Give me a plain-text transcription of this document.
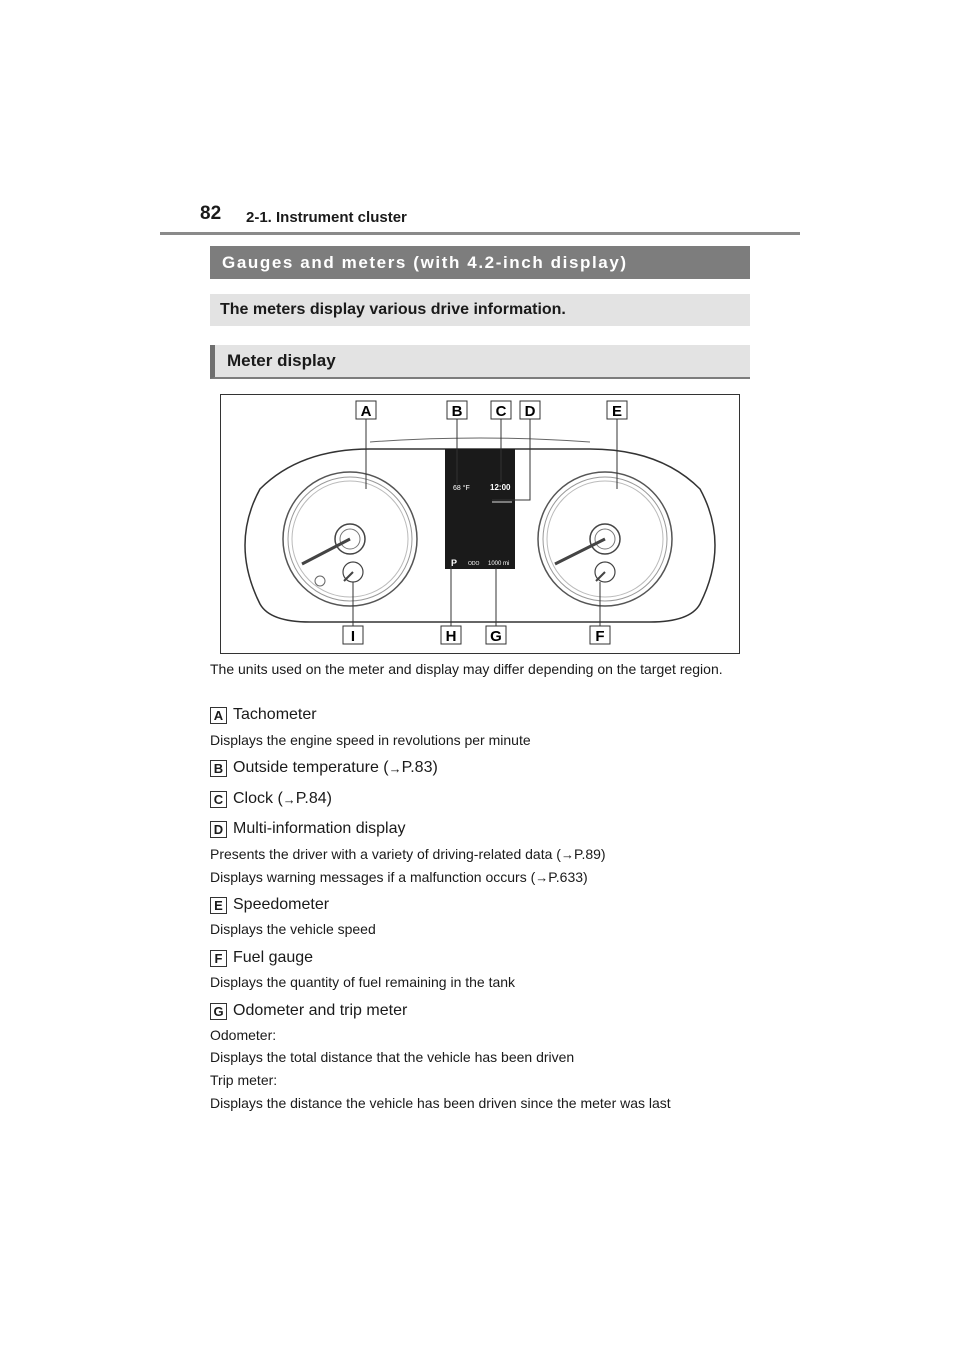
82 2-1. Instrument cluster
Gauges and meters (with 4.2-inch display)
The meters display various drive information.
Meter display
68 °F	12:00
P ODO 1000 mi
A	B C D	E
I	H G	F
The units used on the meter and display may differ depending on the target region.
A Tachometer
Displays the engine speed in revolutions per minute
B Outside temperature ( → P.83)
C Clock ( → P.84)
D Multi-information display
Presents the driver with a variety of driving-related data (→P.89)
Displays warning messages if a malfunction occurs (→P.633)
E Speedometer
Displays the vehicle speed
F Fuel gauge
Displays the quantity of fuel remaining in the tank
G Odometer and trip meter
Odometer:
Displays the total distance that the vehicle has been driven
Trip meter:
Displays the distance the vehicle has been driven since the meter was last
